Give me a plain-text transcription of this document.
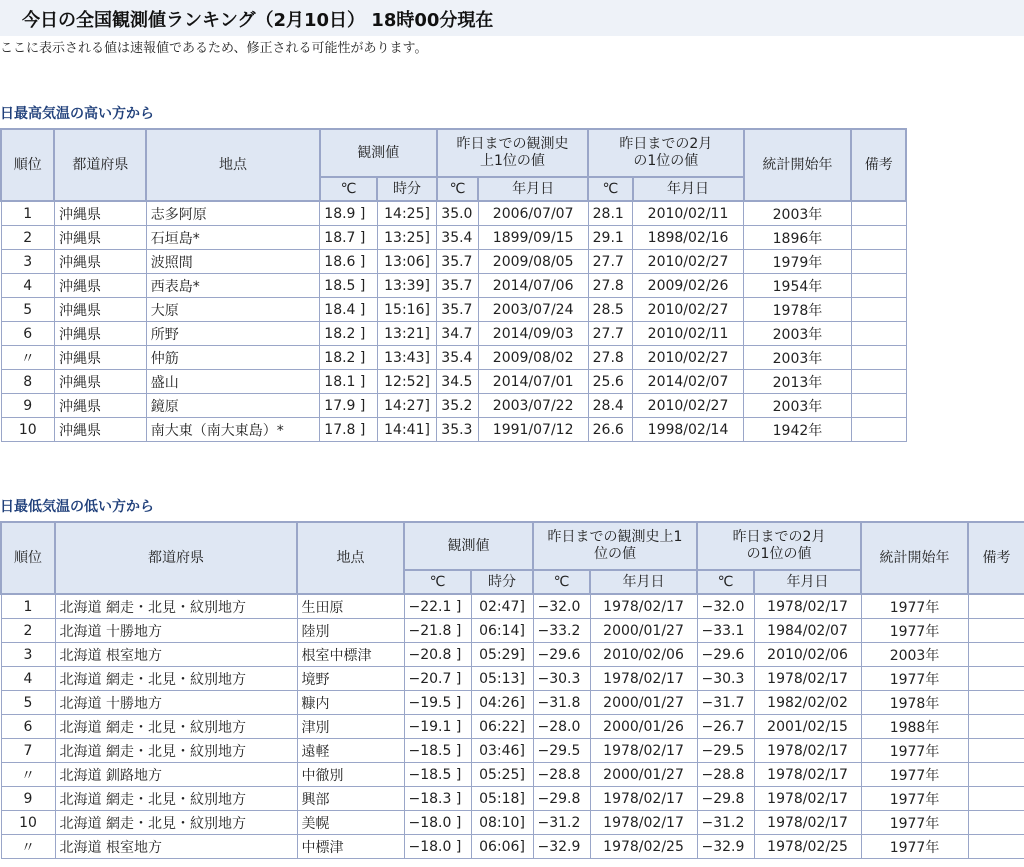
今日の全国観測値ランキング（2月10日） 18時00分現在
ここに表示される値は速報値であるため、修正される可能性があります。
日最高気温の高い方から
順位	都道府県	地点	観測値		昨日までの観測史上1位の値		昨日までの2月の1位の値		統計開始年	備考
			℃	時分	℃	年月日	℃	年月日		
1	沖縄県	志多阿原	18.9 ]	14:25]	35.0	2006/07/07	28.1	2010/02/11	2003年	
2	沖縄県	石垣島*	18.7 ]	13:25]	35.4	1899/09/15	29.1	1898/02/16	1896年	
3	沖縄県	波照間	18.6 ]	13:06]	35.7	2009/08/05	27.7	2010/02/27	1979年	
4	沖縄県	西表島*	18.5 ]	13:39]	35.7	2014/07/06	27.8	2009/02/26	1954年	
5	沖縄県	大原	18.4 ]	15:16]	35.7	2003/07/24	28.5	2010/02/27	1978年	
6	沖縄県	所野	18.2 ]	13:21]	34.7	2014/09/03	27.7	2010/02/11	2003年	
〃	沖縄県	仲筋	18.2 ]	13:43]	35.4	2009/08/02	27.8	2010/02/27	2003年	
8	沖縄県	盛山	18.1 ]	12:52]	34.5	2014/07/01	25.6	2014/02/07	2013年	
9	沖縄県	鏡原	17.9 ]	14:27]	35.2	2003/07/22	28.4	2010/02/27	2003年	
10	沖縄県	南大東（南大東島）*	17.8 ]	14:41]	35.3	1991/07/12	26.6	1998/02/14	1942年	
日最低気温の低い方から
順位	都道府県	地点	観測値		昨日までの観測史上1位の値		昨日までの2月の1位の値		統計開始年	備考
			℃	時分	℃	年月日	℃	年月日		
1	北海道 網走・北見・紋別地方	生田原	−22.1 ]	02:47]	−32.0	1978/02/17	−32.0	1978/02/17	1977年	
2	北海道 十勝地方	陸別	−21.8 ]	06:14]	−33.2	2000/01/27	−33.1	1984/02/07	1977年	
3	北海道 根室地方	根室中標津	−20.8 ]	05:29]	−29.6	2010/02/06	−29.6	2010/02/06	2003年	
4	北海道 網走・北見・紋別地方	境野	−20.7 ]	05:13]	−30.3	1978/02/17	−30.3	1978/02/17	1977年	
5	北海道 十勝地方	糠内	−19.5 ]	04:26]	−31.8	2000/01/27	−31.7	1982/02/02	1978年	
6	北海道 網走・北見・紋別地方	津別	−19.1 ]	06:22]	−28.0	2000/01/26	−26.7	2001/02/15	1988年	
7	北海道 網走・北見・紋別地方	遠軽	−18.5 ]	03:46]	−29.5	1978/02/17	−29.5	1978/02/17	1977年	
〃	北海道 釧路地方	中徹別	−18.5 ]	05:25]	−28.8	2000/01/27	−28.8	1978/02/17	1977年	
9	北海道 網走・北見・紋別地方	興部	−18.3 ]	05:18]	−29.8	1978/02/17	−29.8	1978/02/17	1977年	
10	北海道 網走・北見・紋別地方	美幌	−18.0 ]	08:10]	−31.2	1978/02/17	−31.2	1978/02/17	1977年	
〃	北海道 根室地方	中標津	−18.0 ]	06:06]	−32.9	1978/02/25	−32.9	1978/02/25	1977年	
